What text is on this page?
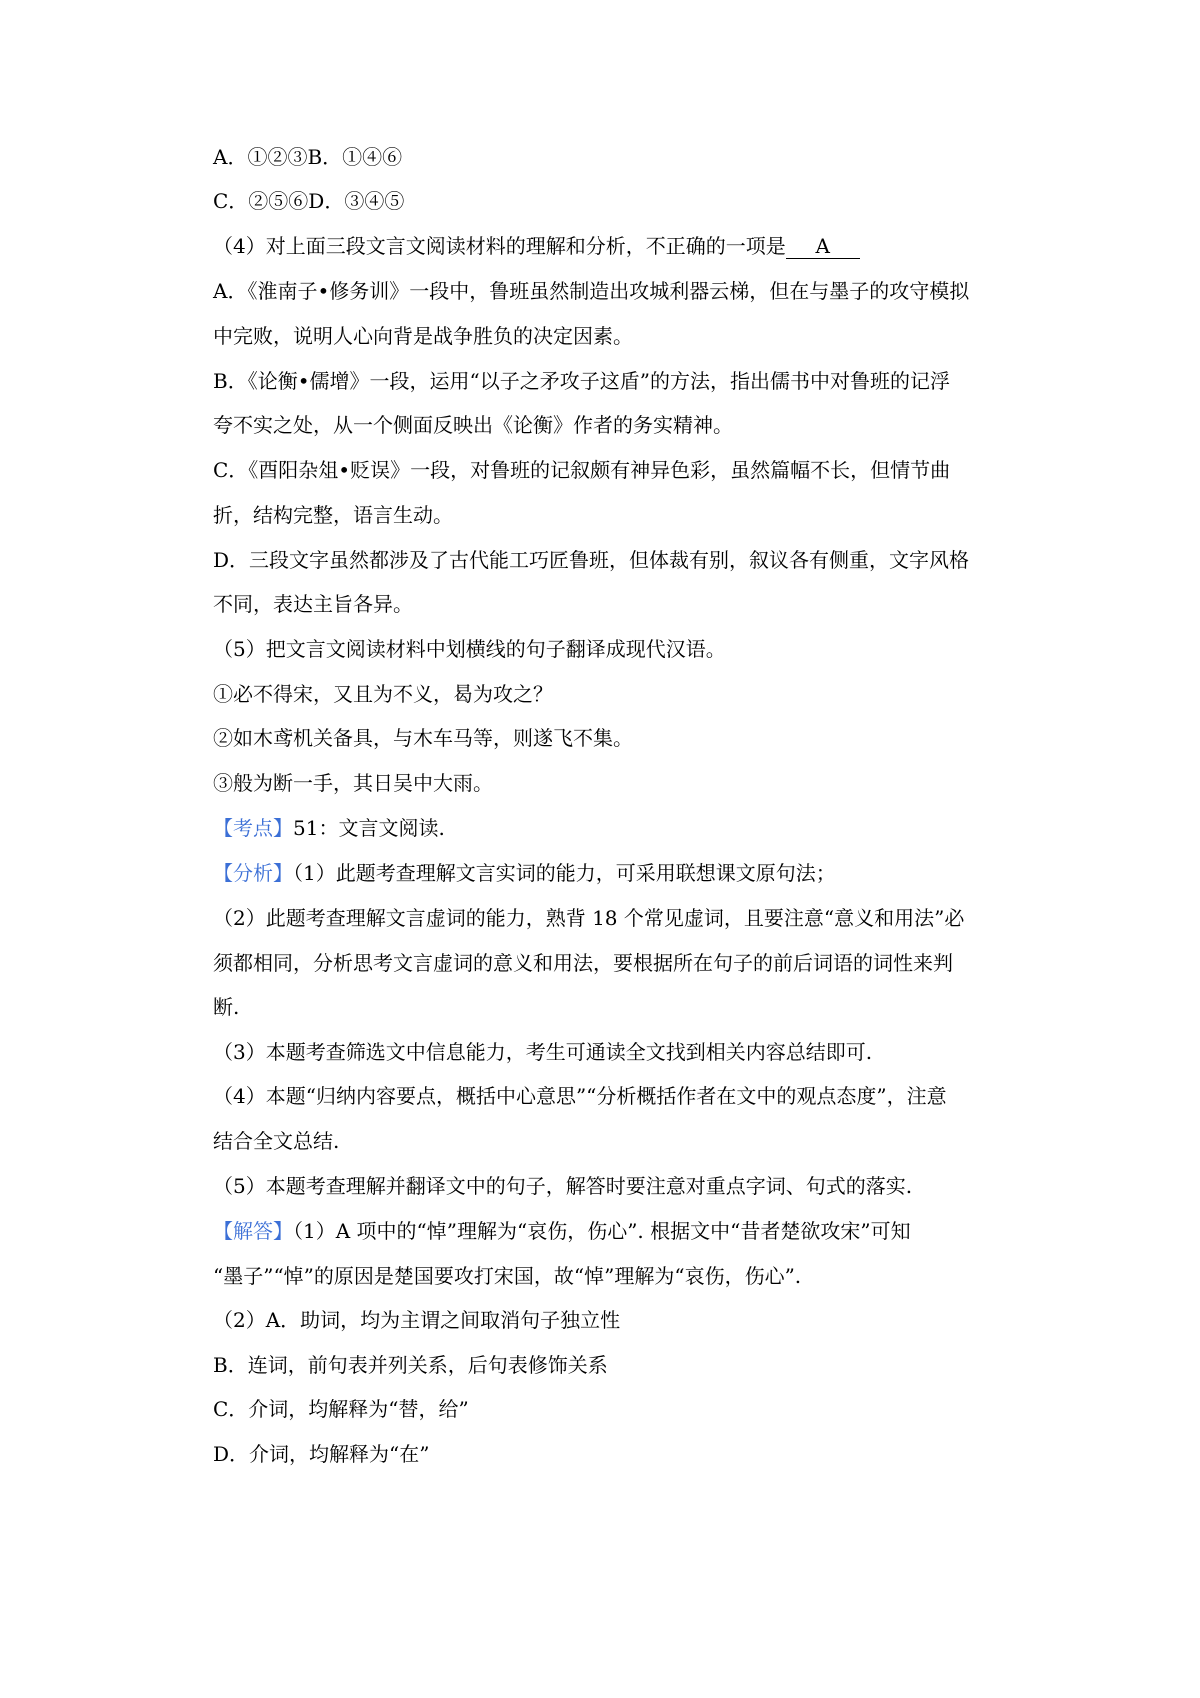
A．①②③B．①④⑥
C．②⑤⑥D．③④⑤
（4）对上面三段文言文阅读材料的理解和分析，不正确的一项是 A
A．《淮南子•修务训》一段中，鲁班虽然制造出攻城利器云梯，但在与墨子的攻守模拟
中完败，说明人心向背是战争胜负的决定因素。
B．《论衡•儒增》一段，运用“以子之矛攻子这盾”的方法，指出儒书中对鲁班的记浮
夸不实之处，从一个侧面反映出《论衡》作者的务实精神。
C．《酉阳杂俎•贬误》一段，对鲁班的记叙颇有神异色彩，虽然篇幅不长，但情节曲
折，结构完整，语言生动。
D．三段文字虽然都涉及了古代能工巧匠鲁班，但体裁有别，叙议各有侧重，文字风格
不同，表达主旨各异。
（5）把文言文阅读材料中划横线的句子翻译成现代汉语。
①必不得宋，又且为不义，曷为攻之？
②如木鸢机关备具，与木车马等，则遂飞不集。
③般为断一手，其日吴中大雨。
【考点】51：文言文阅读.
【分析】（1）此题考查理解文言实词的能力，可采用联想课文原句法；
（2）此题考查理解文言虚词的能力，熟背 18 个常见虚词，且要注意“意义和用法”必
须都相同，分析思考文言虚词的意义和用法，要根据所在句子的前后词语的词性来判
断.
（3）本题考查筛选文中信息能力，考生可通读全文找到相关内容总结即可.
（4）本题“归纳内容要点，概括中心意思”“分析概括作者在文中的观点态度”，注意
结合全文总结.
（5）本题考查理解并翻译文中的句子，解答时要注意对重点字词、句式的落实.
【解答】（1）A 项中的“悼”理解为“哀伤，伤心”. 根据文中“昔者楚欲攻宋”可知
“墨子”“悼”的原因是楚国要攻打宋国，故“悼”理解为“哀伤，伤心”.
（2）A．助词，均为主谓之间取消句子独立性
B．连词，前句表并列关系，后句表修饰关系
C．介词，均解释为“替，给”
D．介词，均解释为“在”
